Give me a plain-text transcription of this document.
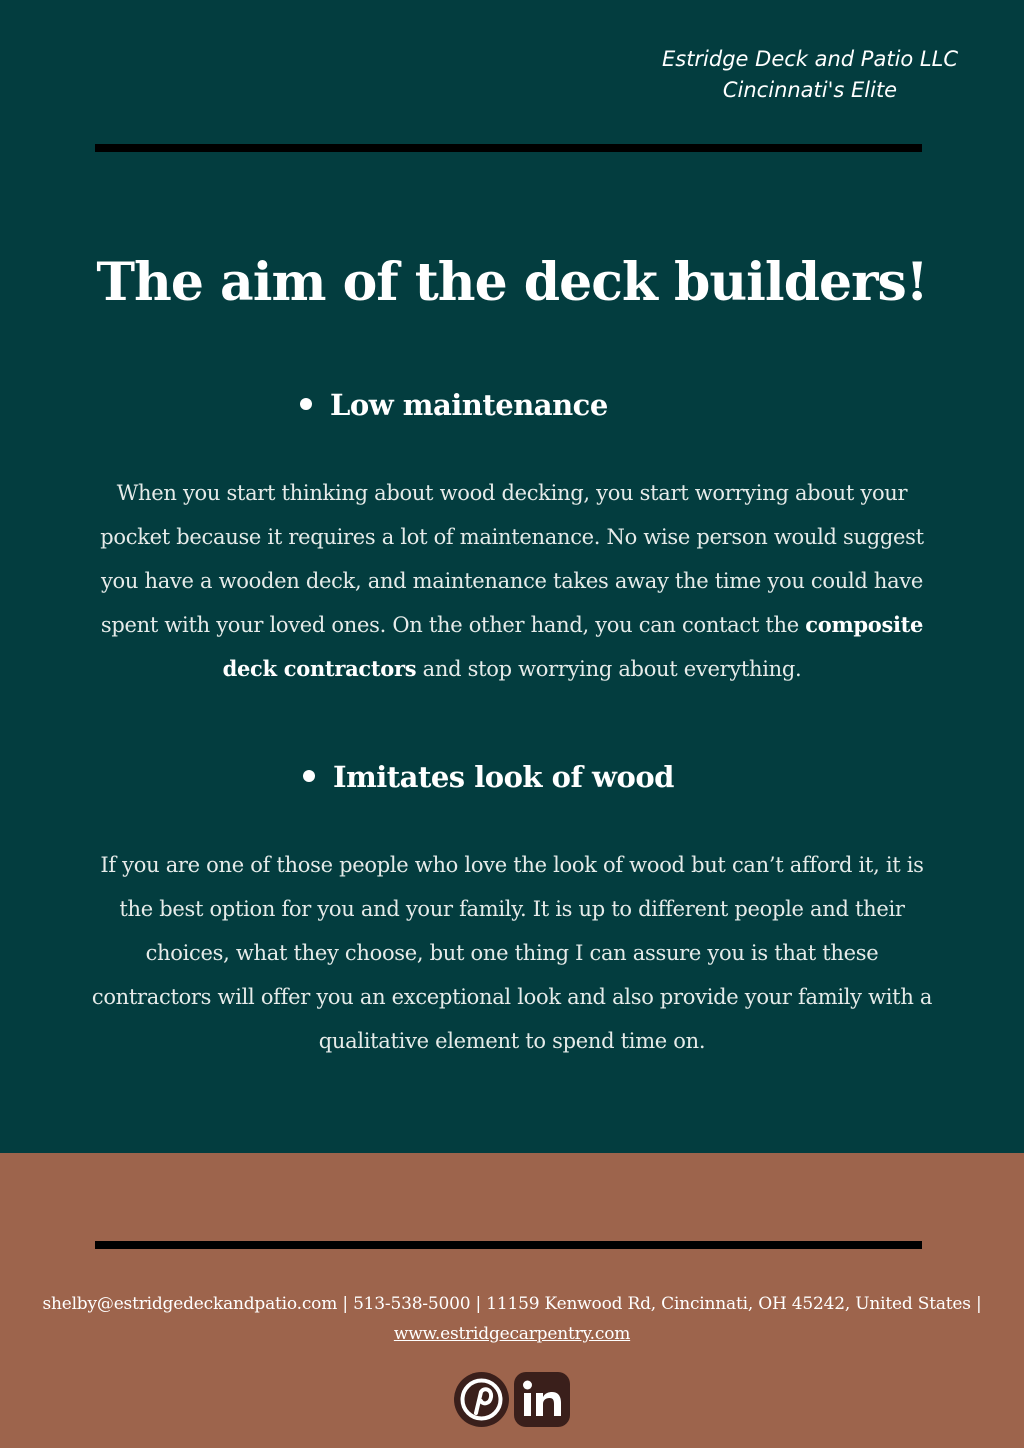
Estridge Deck and Patio LLC
Cincinnati's Elite
The aim of the deck builders!
Low maintenance
When you start thinking about wood decking, you start worrying about your pocket because it requires a lot of maintenance. No wise person would suggest you have a wooden deck, and maintenance takes away the time you could have spent with your loved ones. On the other hand, you can contact the composite deck contractors and stop worrying about everything.
Imitates look of wood
If you are one of those people who love the look of wood but can’t afford it, it is the best option for you and your family. It is up to different people and their choices, what they choose, but one thing I can assure you is that these contractors will offer you an exceptional look and also provide your family with a qualitative element to spend time on.
shelby@estridgedeckandpatio.com | 513-538-5000 | 11159 Kenwood Rd, Cincinnati, OH 45242, United States |
www.estridgecarpentry.com
